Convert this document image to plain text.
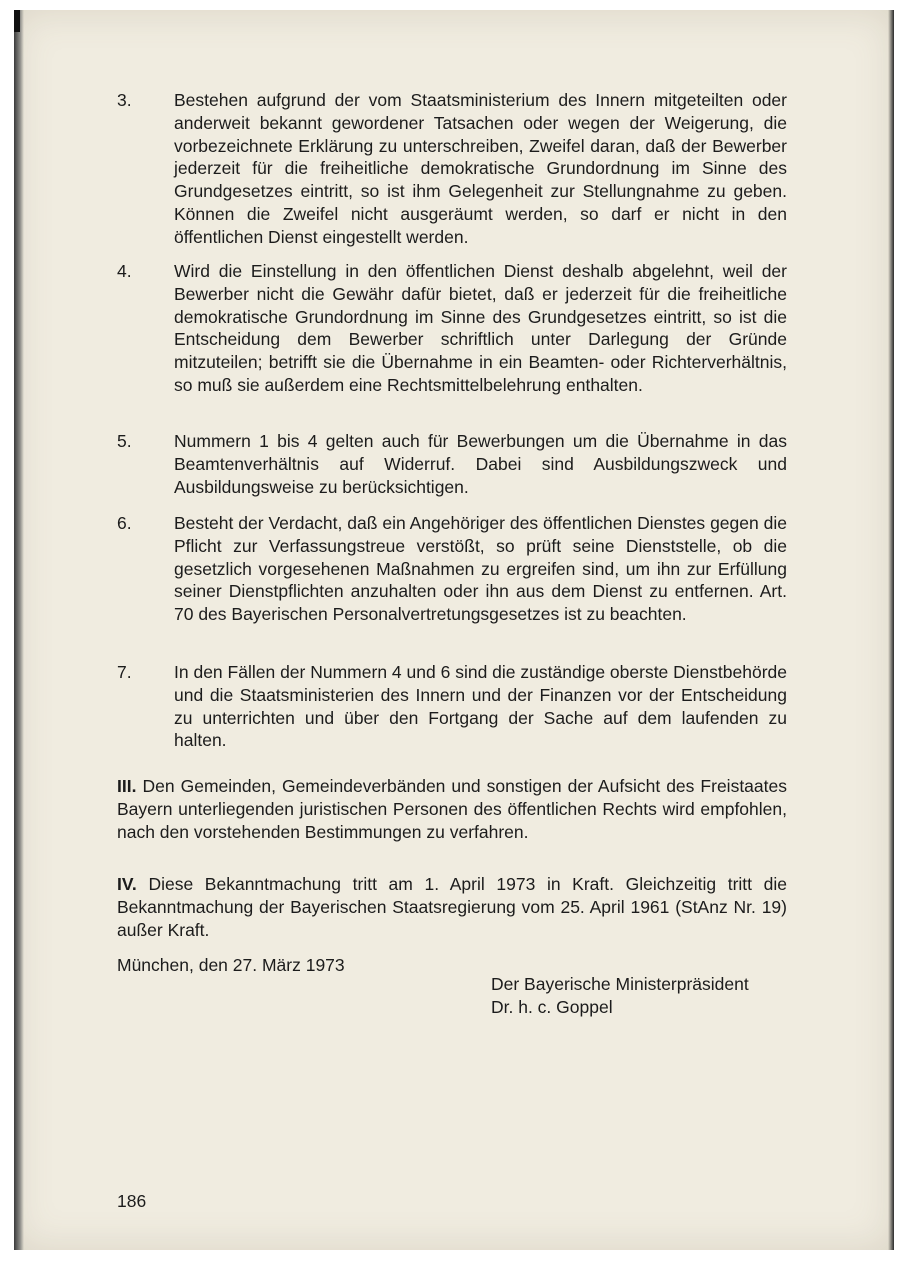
3. Bestehen aufgrund der vom Staatsministerium des Innern mitgeteilten oder anderweit bekannt gewordener Tatsachen oder wegen der Weigerung, die vorbezeichnete Erklärung zu unterschreiben, Zweifel daran, daß der Bewerber jederzeit für die freiheitliche demokratische Grundordnung im Sinne des Grundgesetzes eintritt, so ist ihm Gelegenheit zur Stellungnahme zu geben. Können die Zweifel nicht ausgeräumt werden, so darf er nicht in den öffentlichen Dienst eingestellt werden.
4. Wird die Einstellung in den öffentlichen Dienst deshalb abgelehnt, weil der Bewerber nicht die Gewähr dafür bietet, daß er jederzeit für die freiheitliche demokratische Grundordnung im Sinne des Grundgesetzes eintritt, so ist die Entscheidung dem Bewerber schriftlich unter Darlegung der Gründe mitzuteilen; betrifft sie die Übernahme in ein Beamten- oder Richterverhältnis, so muß sie außerdem eine Rechtsmittelbelehrung enthalten.
5. Nummern 1 bis 4 gelten auch für Bewerbungen um die Übernahme in das Beamtenverhältnis auf Widerruf. Dabei sind Ausbildungszweck und Ausbildungsweise zu berücksichtigen.
6. Besteht der Verdacht, daß ein Angehöriger des öffentlichen Dienstes gegen die Pflicht zur Verfassungstreue verstößt, so prüft seine Dienststelle, ob die gesetzlich vorgesehenen Maßnahmen zu ergreifen sind, um ihn zur Erfüllung seiner Dienstpflichten anzuhalten oder ihn aus dem Dienst zu entfernen. Art. 70 des Bayerischen Personalvertretungsgesetzes ist zu beachten.
7. In den Fällen der Nummern 4 und 6 sind die zuständige oberste Dienstbehörde und die Staatsministerien des Innern und der Finanzen vor der Entscheidung zu unterrichten und über den Fortgang der Sache auf dem laufenden zu halten.
III. Den Gemeinden, Gemeindeverbänden und sonstigen der Aufsicht des Freistaates Bayern unterliegenden juristischen Personen des öffentlichen Rechts wird empfohlen, nach den vorstehenden Bestimmungen zu verfahren.
IV. Diese Bekanntmachung tritt am 1. April 1973 in Kraft. Gleichzeitig tritt die Bekanntmachung der Bayerischen Staatsregierung vom 25. April 1961 (StAnz Nr. 19) außer Kraft.
München, den 27. März 1973
Der Bayerische Ministerpräsident
Dr. h. c. Goppel
186
